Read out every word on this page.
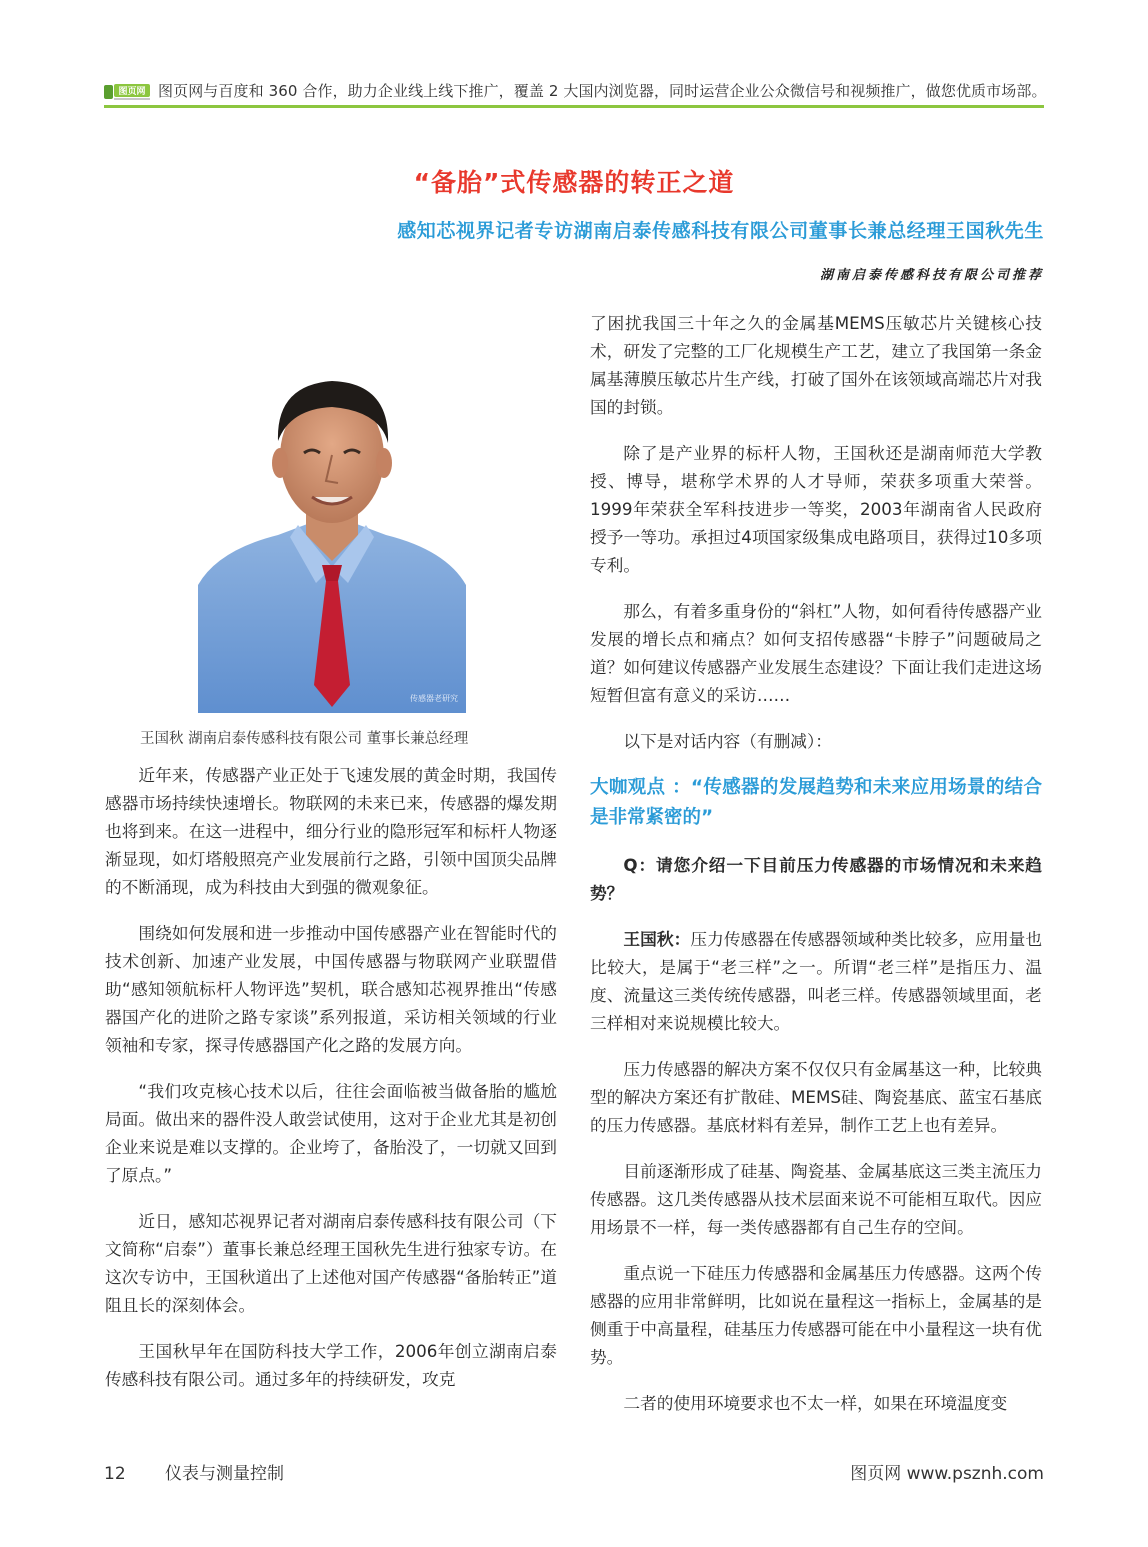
图页网 图页网与百度和 360 合作，助力企业线上线下推广，覆盖 2 大国内浏览器，同时运营企业公众微信号和视频推广，做您优质市场部。
“备胎”式传感器的转正之道
感知芯视界记者专访湖南启泰传感科技有限公司董事长兼总经理王国秋先生
湖南启泰传感科技有限公司推荐
传感器老研究
王国秋 湖南启泰传感科技有限公司 董事长兼总经理

近年来，传感器产业正处于飞速发展的黄金时期，我国传感器市场持续快速增长。物联网的未来已来，传感器的爆发期也将到来。在这一进程中，细分行业的隐形冠军和标杆人物逐渐显现，如灯塔般照亮产业发展前行之路，引领中国顶尖品牌的不断涌现，成为科技由大到强的微观象征。

围绕如何发展和进一步推动中国传感器产业在智能时代的技术创新、加速产业发展，中国传感器与物联网产业联盟借助“感知领航标杆人物评选”契机，联合感知芯视界推出“传感器国产化的进阶之路专家谈”系列报道，采访相关领域的行业领袖和专家，探寻传感器国产化之路的发展方向。

“我们攻克核心技术以后，往往会面临被当做备胎的尴尬局面。做出来的器件没人敢尝试使用，这对于企业尤其是初创企业来说是难以支撑的。企业垮了，备胎没了，一切就又回到了原点。”

近日，感知芯视界记者对湖南启泰传感科技有限公司（下文简称“启泰”）董事长兼总经理王国秋先生进行独家专访。在这次专访中，王国秋道出了上述他对国产传感器“备胎转正”道阻且长的深刻体会。

王国秋早年在国防科技大学工作，2006年创立湖南启泰传感科技有限公司。通过多年的持续研发，攻克

了困扰我国三十年之久的金属基MEMS压敏芯片关键核心技术，研发了完整的工厂化规模生产工艺，建立了我国第一条金属基薄膜压敏芯片生产线，打破了国外在该领域高端芯片对我国的封锁。

除了是产业界的标杆人物，王国秋还是湖南师范大学教授、博导，堪称学术界的人才导师，荣获多项重大荣誉。1999年荣获全军科技进步一等奖，2003年湖南省人民政府授予一等功。承担过4项国家级集成电路项目，获得过10多项专利。

那么，有着多重身份的“斜杠”人物，如何看待传感器产业发展的增长点和痛点？如何支招传感器“卡脖子”问题破局之道？如何建议传感器产业发展生态建设？下面让我们走进这场短暂但富有意义的采访……

以下是对话内容（有删减）：

大咖观点 ：“传感器的发展趋势和未来应用场景的结合是非常紧密的”

Q：请您介绍一下目前压力传感器的市场情况和未来趋势？

王国秋：压力传感器在传感器领域种类比较多，应用量也比较大，是属于“老三样”之一。所谓“老三样”是指压力、温度、流量这三类传统传感器，叫老三样。传感器领域里面，老三样相对来说规模比较大。

压力传感器的解决方案不仅仅只有金属基这一种，比较典型的解决方案还有扩散硅、MEMS硅、陶瓷基底、蓝宝石基底的压力传感器。基底材料有差异，制作工艺上也有差异。

目前逐渐形成了硅基、陶瓷基、金属基底这三类主流压力传感器。这几类传感器从技术层面来说不可能相互取代。因应用场景不一样，每一类传感器都有自己生存的空间。

重点说一下硅压力传感器和金属基压力传感器。这两个传感器的应用非常鲜明，比如说在量程这一指标上，金属基的是侧重于中高量程，硅基压力传感器可能在中小量程这一块有优势。

二者的使用环境要求也不太一样，如果在环境温度变

12 仪表与测量控制	图页网 www.psznh.com
